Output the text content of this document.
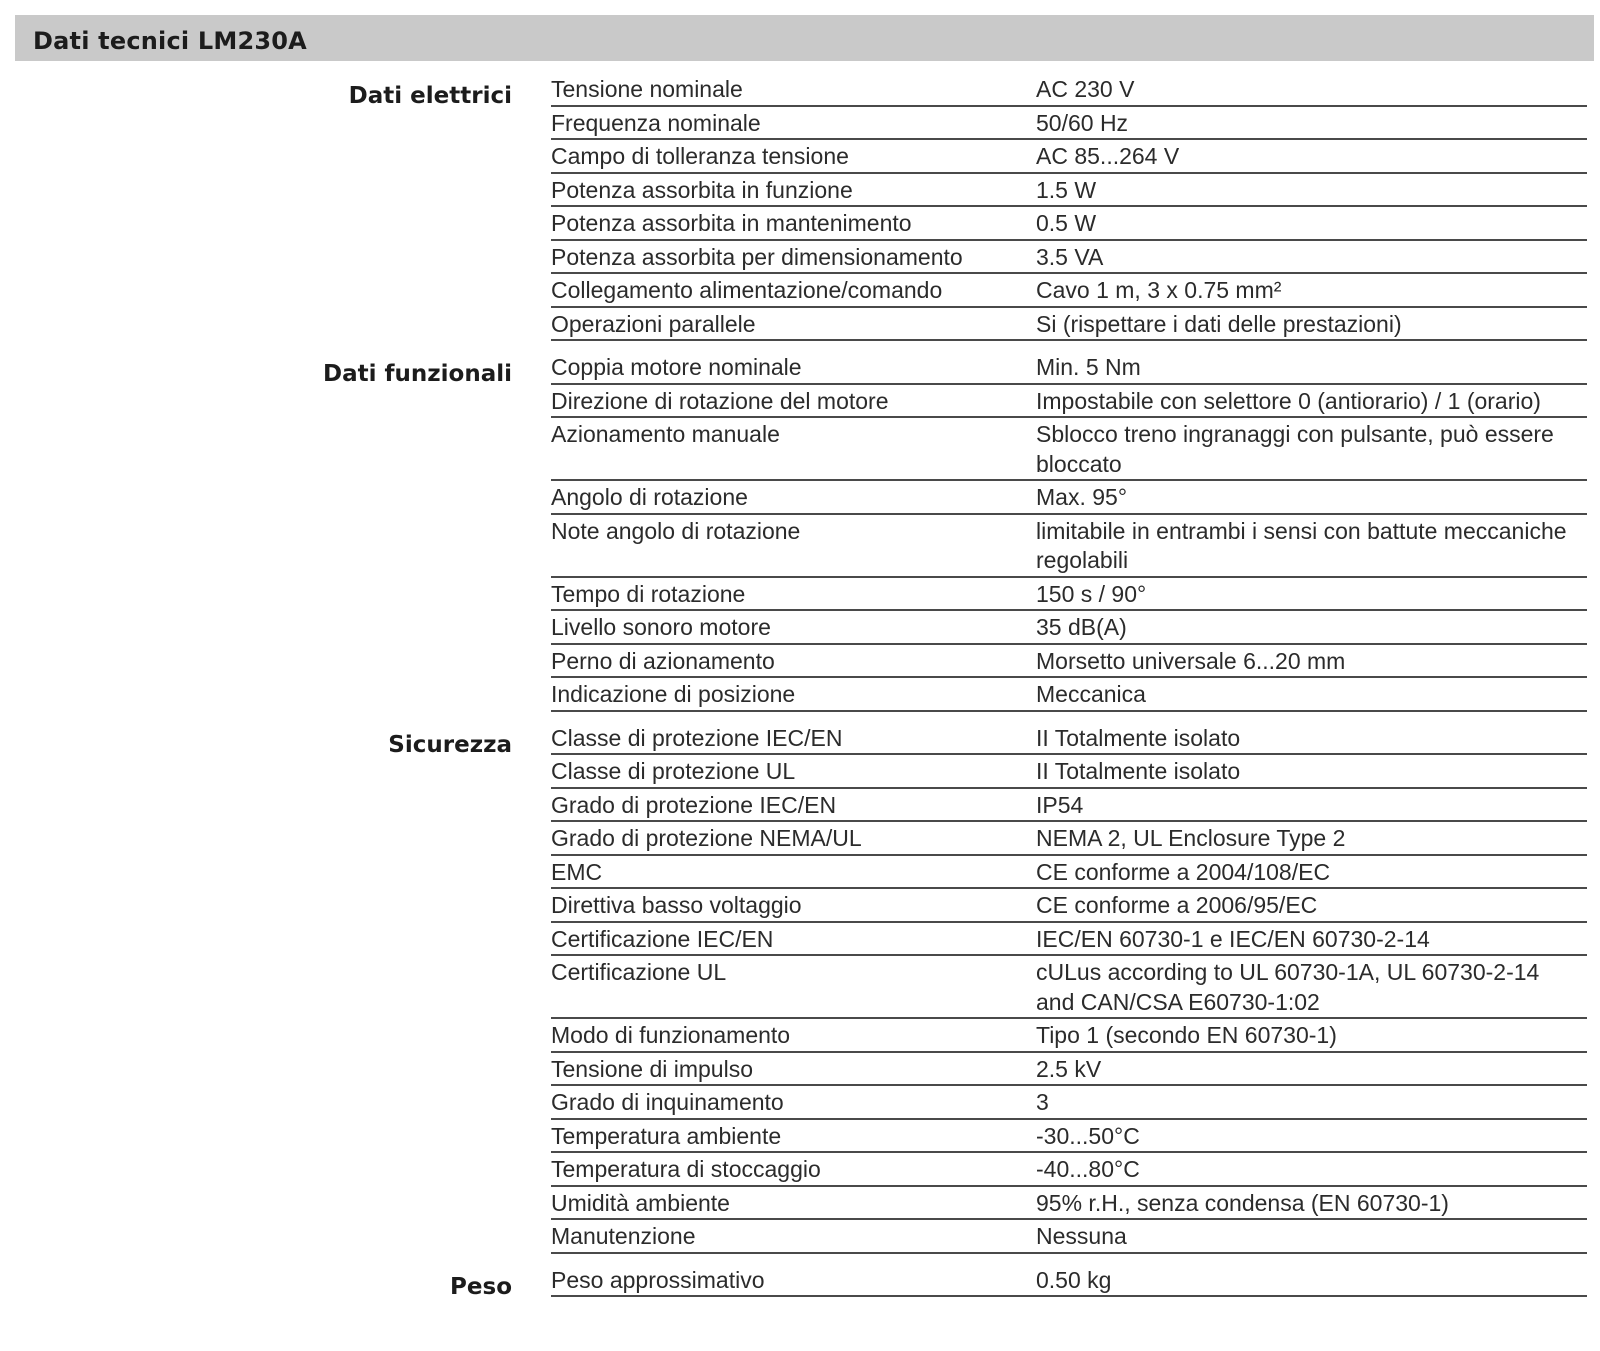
Dati tecnici LM230A
Dati elettrici Tensione nominale	AC 230 V
Frequenza nominale	50/60 Hz
Campo di tolleranza tensione	AC 85...264 V
Potenza assorbita in funzione	1.5 W
Potenza assorbita in mantenimento	0.5 W
Potenza assorbita per dimensionamento	3.5 VA
Collegamento alimentazione/comando	Cavo 1 m, 3 x 0.75 mm²
Operazioni parallele	Si (rispettare i dati delle prestazioni)
Dati funzionali Coppia motore nominale	Min. 5 Nm
Direzione di rotazione del motore	Impostabile con selettore 0 (antiorario) / 1 (orario)
Azionamento manuale	Sblocco treno ingranaggi con pulsante, può essere bloccato
Angolo di rotazione	Max. 95°
Note angolo di rotazione	limitabile in entrambi i sensi con battute meccaniche regolabili
Tempo di rotazione	150 s / 90°
Livello sonoro motore	35 dB(A)
Perno di azionamento	Morsetto universale 6...20 mm
Indicazione di posizione	Meccanica
Sicurezza Classe di protezione IEC/EN	II Totalmente isolato
Classe di protezione UL	II Totalmente isolato
Grado di protezione IEC/EN	IP54
Grado di protezione NEMA/UL	NEMA 2, UL Enclosure Type 2
EMC	CE conforme a 2004/108/EC
Direttiva basso voltaggio	CE conforme a 2006/95/EC
Certificazione IEC/EN	IEC/EN 60730-1 e IEC/EN 60730-2-14
Certificazione UL	cULus according to UL 60730-1A, UL 60730-2-14 and CAN/CSA E60730-1:02
Modo di funzionamento	Tipo 1 (secondo EN 60730-1)
Tensione di impulso	2.5 kV
Grado di inquinamento	3
Temperatura ambiente	-30...50°C
Temperatura di stoccaggio	-40...80°C
Umidità ambiente	95% r.H., senza condensa (EN 60730-1)
Manutenzione	Nessuna
Peso Peso approssimativo	0.50 kg
